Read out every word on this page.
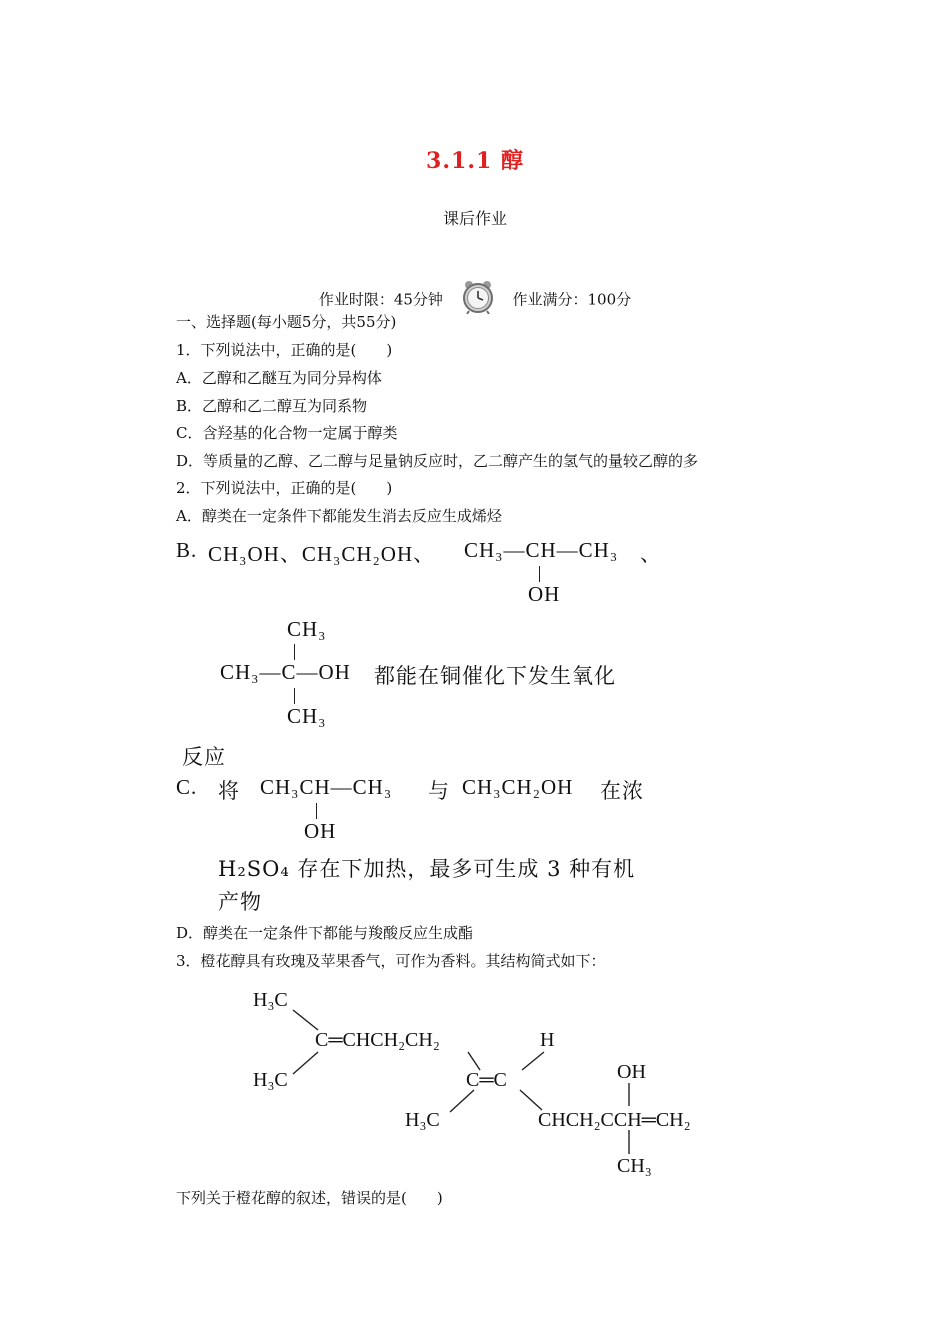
3.1.1 醇
课后作业
作业时限：45分钟	作业满分：100分
一、选择题(每小题5分，共55分)
1．下列说法中，正确的是(　　)
A．乙醇和乙醚互为同分异构体
B．乙醇和乙二醇互为同系物
C．含羟基的化合物一定属于醇类
D．等质量的乙醇、乙二醇与足量钠反应时，乙二醇产生的氢气的量较乙醇的多
2．下列说法中，正确的是(　　)
A．醇类在一定条件下都能发生消去反应生成烯烃
B. CH₃OH、CH₃CH₂OH、 CH₃—CH—CH₃
OH
、
CH₃
CH₃—C—OH
CH₃
都能在铜催化下发生氧化
反应
C. 将 CH₃CH—CH₃
OH
与 CH₃CH₂OH 在浓
H₂SO₄ 存在下加热，最多可生成 3 种有机
产物
D．醇类在一定条件下都能与羧酸反应生成酯
3．橙花醇具有玫瑰及苹果香气，可作为香料。其结构简式如下：
H₃C
C═CHCH₂CH₂
H₃C
H
C═C
H₃C
OH
CHCH₂CCH═CH₂
CH₃
下列关于橙花醇的叙述，错误的是(　　)
